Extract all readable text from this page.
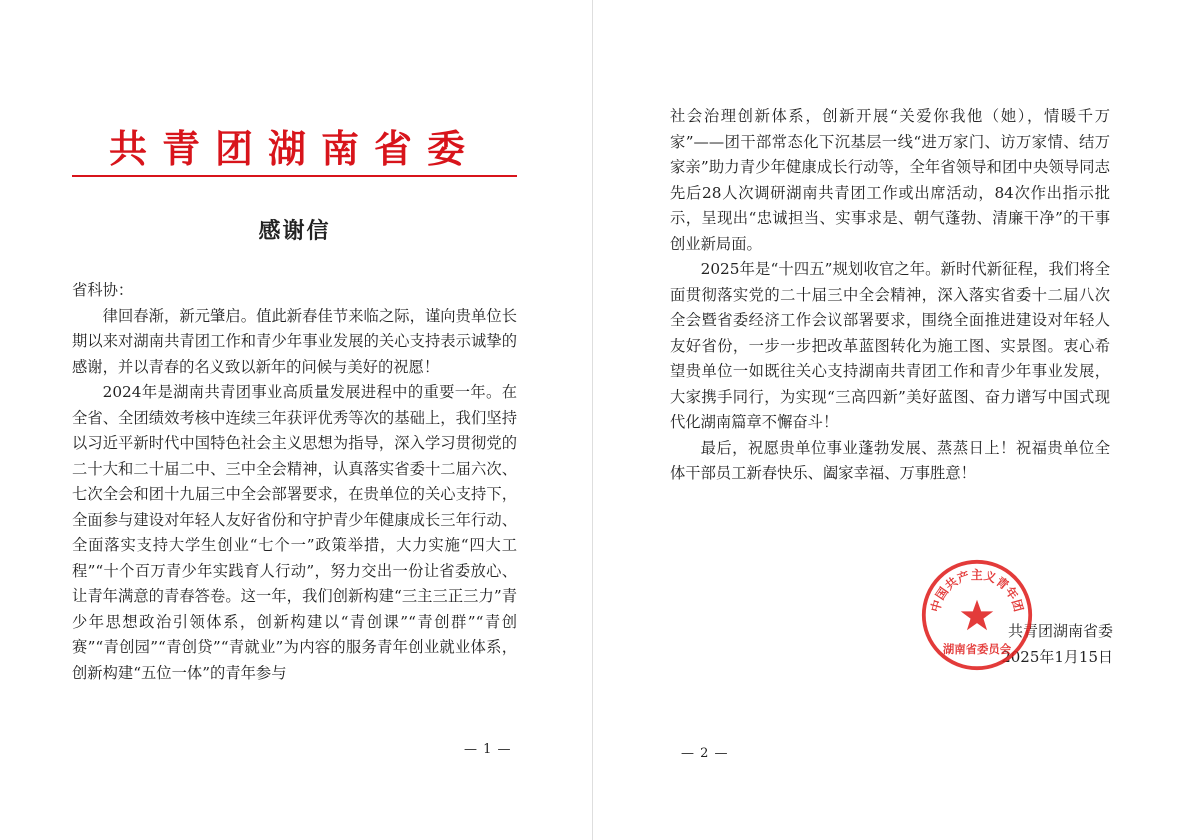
共青团湖南省委
感谢信

省科协：

律回春渐，新元肇启。值此新春佳节来临之际，谨向贵单位长期以来对湖南共青团工作和青少年事业发展的关心支持表示诚挚的感谢，并以青春的名义致以新年的问候与美好的祝愿！

2024年是湖南共青团事业高质量发展进程中的重要一年。在全省、全团绩效考核中连续三年获评优秀等次的基础上，我们坚持以习近平新时代中国特色社会主义思想为指导，深入学习贯彻党的二十大和二十届二中、三中全会精神，认真落实省委十二届六次、七次全会和团十九届三中全会部署要求，在贵单位的关心支持下，全面参与建设对年轻人友好省份和守护青少年健康成长三年行动、全面落实支持大学生创业“七个一”政策举措，大力实施“四大工程”“十个百万青少年实践育人行动”，努力交出一份让省委放心、让青年满意的青春答卷。这一年，我们创新构建“三主三正三力”青少年思想政治引领体系，创新构建以“青创课”“青创群”“青创赛”“青创园”“青创贷”“青就业”为内容的服务青年创业就业体系，创新构建“五位一体”的青年参与

— 1 —

社会治理创新体系，创新开展“关爱你我他（她），情暖千万家”——团干部常态化下沉基层一线“进万家门、访万家情、结万家亲”助力青少年健康成长行动等，全年省领导和团中央领导同志先后28人次调研湖南共青团工作或出席活动，84次作出指示批示，呈现出“忠诚担当、实事求是、朝气蓬勃、清廉干净”的干事创业新局面。

2025年是“十四五”规划收官之年。新时代新征程，我们将全面贯彻落实党的二十届三中全会精神，深入落实省委十二届八次全会暨省委经济工作会议部署要求，围绕全面推进建设对年轻人友好省份，一步一步把改革蓝图转化为施工图、实景图。衷心希望贵单位一如既往关心支持湖南共青团工作和青少年事业发展，大家携手同行，为实现“三高四新”美好蓝图、奋力谱写中国式现代化湖南篇章不懈奋斗！

最后，祝愿贵单位事业蓬勃发展、蒸蒸日上！祝福贵单位全体干部员工新春快乐、阖家幸福、万事胜意！

共青团湖南省委
2025年1月15日
中国共产主义青年团
湖南省委员会
— 2 —
